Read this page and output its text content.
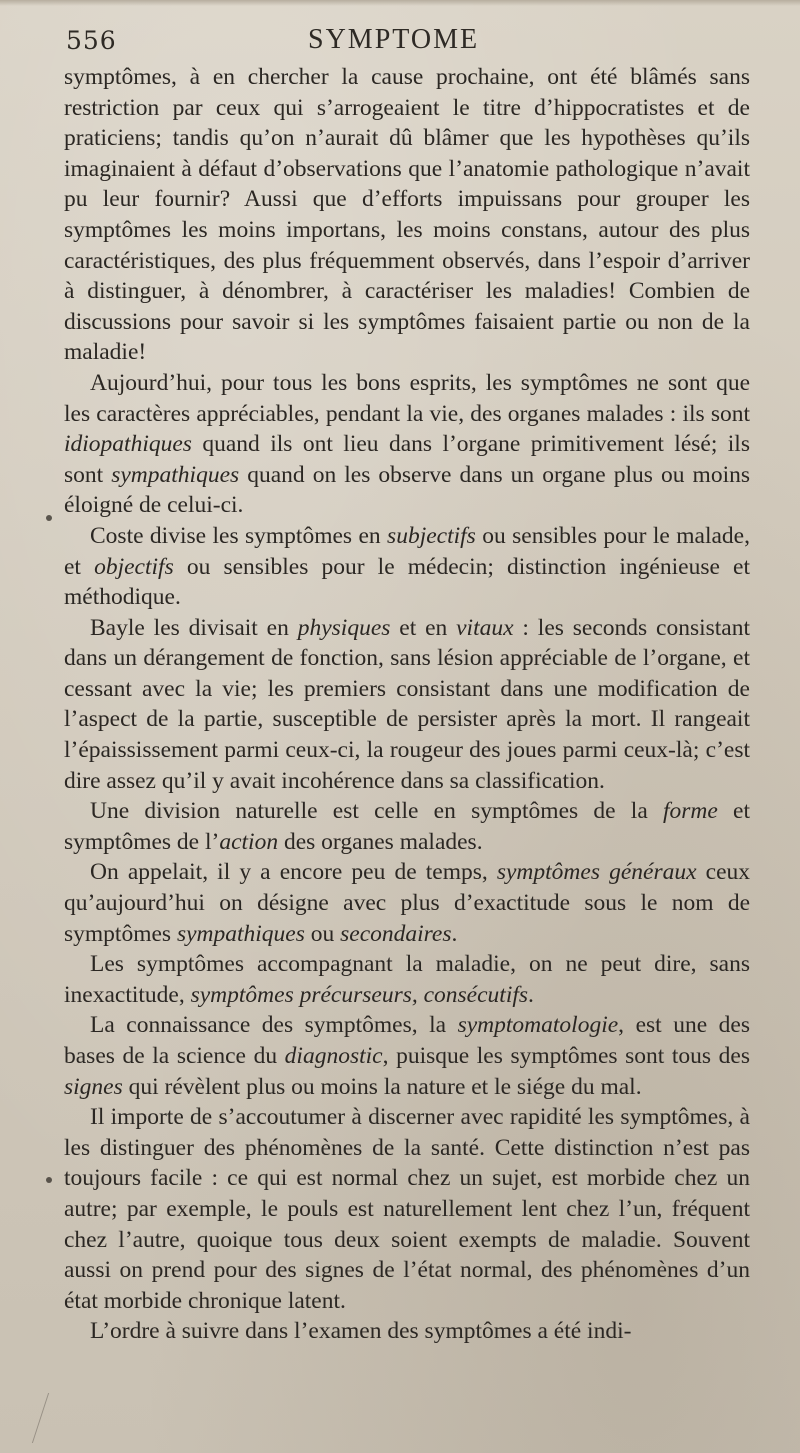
556	SYMPTOME

symptômes, à en chercher la cause prochaine, ont été blâmés sans restriction par ceux qui s’arrogeaient le titre d’hippocratistes et de praticiens; tandis qu’on n’aurait dû blâmer que les hypothèses qu’ils imaginaient à défaut d’observations que l’anatomie pathologique n’avait pu leur fournir? Aussi que d’efforts impuissans pour grouper les symptômes les moins importans, les moins constans, autour des plus caractéristiques, des plus fréquemment observés, dans l’espoir d’arriver à distinguer, à dénombrer, à caractériser les maladies! Combien de discussions pour savoir si les symptômes faisaient partie ou non de la maladie!

Aujourd’hui, pour tous les bons esprits, les symptômes ne sont que les caractères appréciables, pendant la vie, des organes malades : ils sont idiopathiques quand ils ont lieu dans l’organe primitivement lésé; ils sont sympathiques quand on les observe dans un organe plus ou moins éloigné de celui-ci.

Coste divise les symptômes en subjectifs ou sensibles pour le malade, et objectifs ou sensibles pour le médecin; distinction ingénieuse et méthodique.

Bayle les divisait en physiques et en vitaux : les seconds consistant dans un dérangement de fonction, sans lésion appréciable de l’organe, et cessant avec la vie; les premiers consistant dans une modification de l’aspect de la partie, susceptible de persister après la mort. Il rangeait l’épaississement parmi ceux-ci, la rougeur des joues parmi ceux-là; c’est dire assez qu’il y avait incohérence dans sa classification.

Une division naturelle est celle en symptômes de la forme et symptômes de l’action des organes malades.

On appelait, il y a encore peu de temps, symptômes généraux ceux qu’aujourd’hui on désigne avec plus d’exactitude sous le nom de symptômes sympathiques ou secondaires.

Les symptômes accompagnant la maladie, on ne peut dire, sans inexactitude, symptômes précurseurs, consécutifs.

La connaissance des symptômes, la symptomatologie, est une des bases de la science du diagnostic, puisque les symptômes sont tous des signes qui révèlent plus ou moins la nature et le siége du mal.

Il importe de s’accoutumer à discerner avec rapidité les symptômes, à les distinguer des phénomènes de la santé. Cette distinction n’est pas toujours facile : ce qui est normal chez un sujet, est morbide chez un autre; par exemple, le pouls est naturellement lent chez l’un, fréquent chez l’autre, quoique tous deux soient exempts de maladie. Souvent aussi on prend pour des signes de l’état normal, des phénomènes d’un état morbide chronique latent.

L’ordre à suivre dans l’examen des symptômes a été indi-
